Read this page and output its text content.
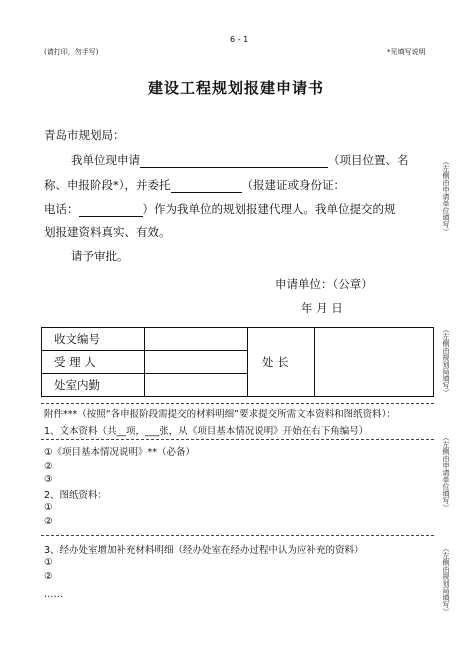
6 - 1
(请打印，勿手写)	*见填写说明
建设工程规划报建申请书
青岛市规划局：
我单位现申请	（项目位置、名
称、申报阶段*），并委托	（报建证或身份证：
电话：	）作为我单位的规划报建代理人。我单位提交的规
划报建资料真实、有效。
请予审批。
申请单位：（公章）
年 月 日
收文编号		处 长	
受 理 人			
处室内勤			
附件***（按照“各申报阶段需提交的材料明细”要求提交所需文本资料和图纸资料）：
1、文本资料（共__项，___张，从《项目基本情况说明》开始在右下角编号）
①《项目基本情况说明》**（必备）
②
③
2、图纸资料：
①
②
3、经办处室增加补充材料明细（经办处室在经办过程中认为应补充的资料）
①
②
……
（左侧由申请单位填写）
（左侧由规划局填写）
（左侧由申请单位填写）
（左侧由规划局填写）
